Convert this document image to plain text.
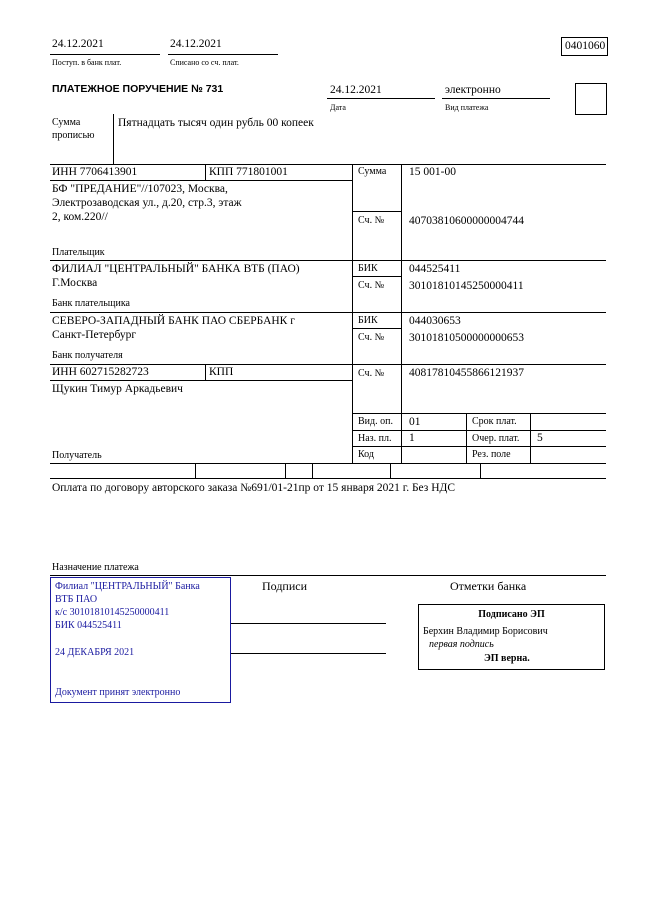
24.12.2021
Поступ. в банк плат.
24.12.2021
Списано со сч. плат.
0401060
ПЛАТЕЖНОЕ ПОРУЧЕНИЕ № 731	24.12.2021
Дата
электронно
Вид платежа
Сумма
прописью
Пятнадцать тысяч один рубль 00 копеек
ИНН 7706413901	КПП 771801001	Сумма 15 001-00
БФ "ПРЕДАНИЕ"//107023, Москва,
Электрозаводская ул., д.20, стр.3, этаж
2, ком.220//	Сч. № 40703810600000004744
Плательщик
ФИЛИАЛ "ЦЕНТРАЛЬНЫЙ" БАНКА ВТБ (ПАО)
Г.Москва
БИК	044525411
Сч. № 30101810145250000411
Банк плательщика
СЕВЕРО-ЗАПАДНЫЙ БАНК ПАО СБЕРБАНК г
Санкт-Петербург
БИК	044030653
Сч. № 30101810500000000653
Банк получателя
ИНН 602715282723	КПП	Сч. № 40817810455866121937
Щукин Тимур Аркадьевич
Получатель
Вид. оп. 01	Срок плат.
Наз. пл. 1	Очер. плат. 5
Код	Рез. поле
Оплата по договору авторского заказа №691/01-21пр от 15 января 2021 г. Без НДС
Назначение платежа
Подписи	Отметки банка
Филиал "ЦЕНТРАЛЬНЫЙ" Банка
ВТБ ПАО
к/с 30101810145250000411
БИК 044525411
24 ДЕКАБРЯ 2021
Документ принят электронно
Подписано ЭП
Берхин Владимир Борисович
первая подпись
ЭП верна.
